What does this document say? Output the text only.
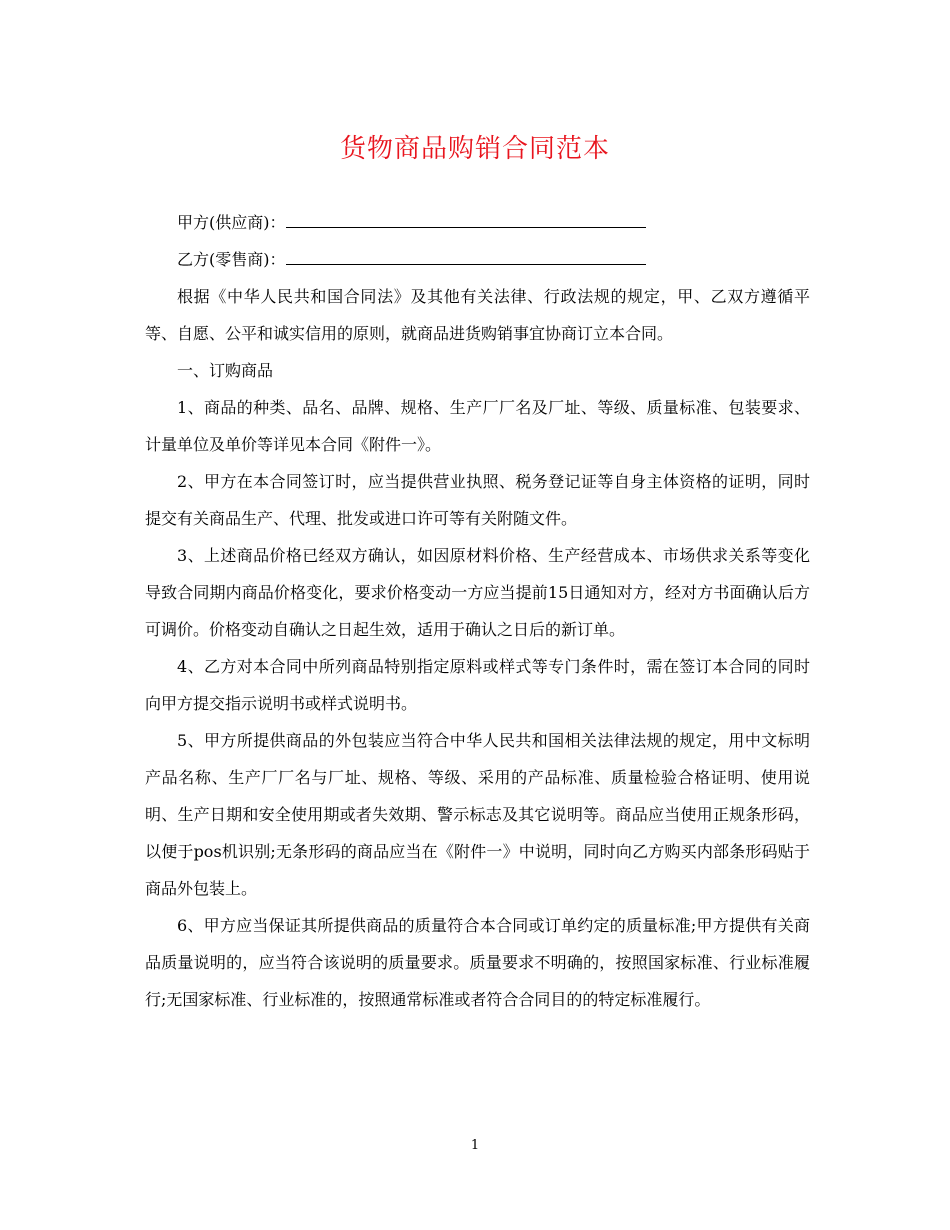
货物商品购销合同范本
甲方(供应商)：
乙方(零售商)：

根据《中华人民共和国合同法》及其他有关法律、行政法规的规定，甲、乙双方遵循平等、自愿、公平和诚实信用的原则，就商品进货购销事宜协商订立本合同。

一、订购商品

1、商品的种类、品名、品牌、规格、生产厂厂名及厂址、等级、质量标准、包装要求、计量单位及单价等详见本合同《附件一》。

2、甲方在本合同签订时，应当提供营业执照、税务登记证等自身主体资格的证明，同时提交有关商品生产、代理、批发或进口许可等有关附随文件。

3、上述商品价格已经双方确认，如因原材料价格、生产经营成本、市场供求关系等变化导致合同期内商品价格变化，要求价格变动一方应当提前15日通知对方，经对方书面确认后方可调价。价格变动自确认之日起生效，适用于确认之日后的新订单。

4、乙方对本合同中所列商品特别指定原料或样式等专门条件时，需在签订本合同的同时向甲方提交指示说明书或样式说明书。

5、甲方所提供商品的外包装应当符合中华人民共和国相关法律法规的规定，用中文标明产品名称、生产厂厂名与厂址、规格、等级、采用的产品标准、质量检验合格证明、使用说明、生产日期和安全使用期或者失效期、警示标志及其它说明等。商品应当使用正规条形码，以便于pos机识别;无条形码的商品应当在《附件一》中说明，同时向乙方购买内部条形码贴于商品外包装上。

6、甲方应当保证其所提供商品的质量符合本合同或订单约定的质量标准;甲方提供有关商品质量说明的，应当符合该说明的质量要求。质量要求不明确的，按照国家标准、行业标准履行;无国家标准、行业标准的，按照通常标准或者符合合同目的的特定标准履行。

1
